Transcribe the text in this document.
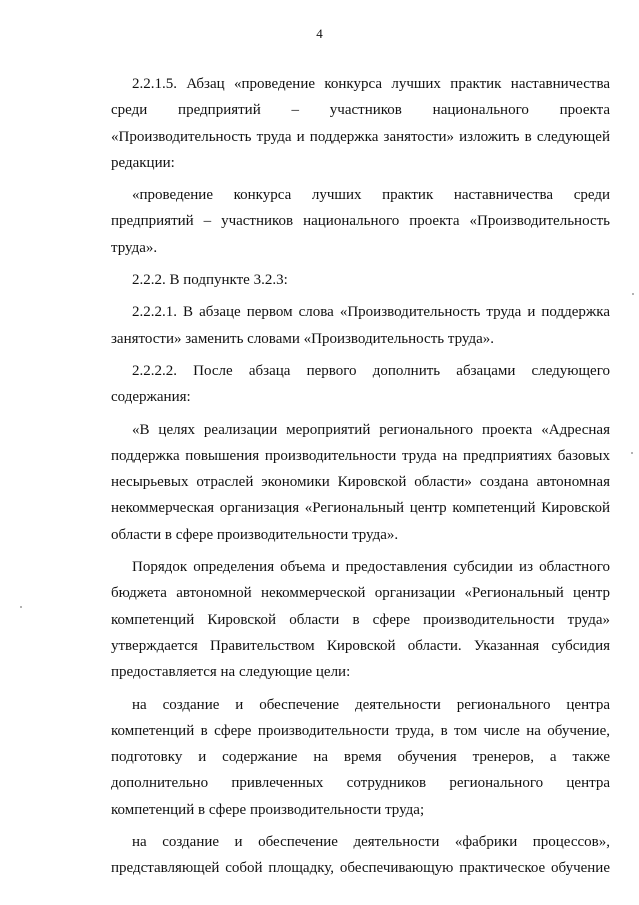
4

2.2.1.5. Абзац «проведение конкурса лучших практик наставничества среди предприятий – участников национального проекта «Производительность труда и поддержка занятости» изложить в следующей редакции:

«проведение конкурса лучших практик наставничества среди предприятий – участников национального проекта «Производительность труда».

2.2.2. В подпункте 3.2.3:

2.2.2.1. В абзаце первом слова «Производительность труда и поддержка занятости» заменить словами «Производительность труда».

2.2.2.2. После абзаца первого дополнить абзацами следующего содержания:

«В целях реализации мероприятий регионального проекта «Адресная поддержка повышения производительности труда на предприятиях базовых несырьевых отраслей экономики Кировской области» создана автономная некоммерческая организация «Региональный центр компетенций Кировской области в сфере производительности труда».

Порядок определения объема и предоставления субсидии из областного бюджета автономной некоммерческой организации «Региональный центр компетенций Кировской области в сфере производительности труда» утверждается Правительством Кировской области. Указанная субсидия предоставляется на следующие цели:

на создание и обеспечение деятельности регионального центра компетенций в сфере производительности труда, в том числе на обучение, подготовку и содержание на время обучения тренеров, а также дополнительно привлеченных сотрудников регионального центра компетенций в сфере производительности труда;

на создание и обеспечение деятельности «фабрики процессов», представляющей собой площадку, обеспечивающую практическое обучение
